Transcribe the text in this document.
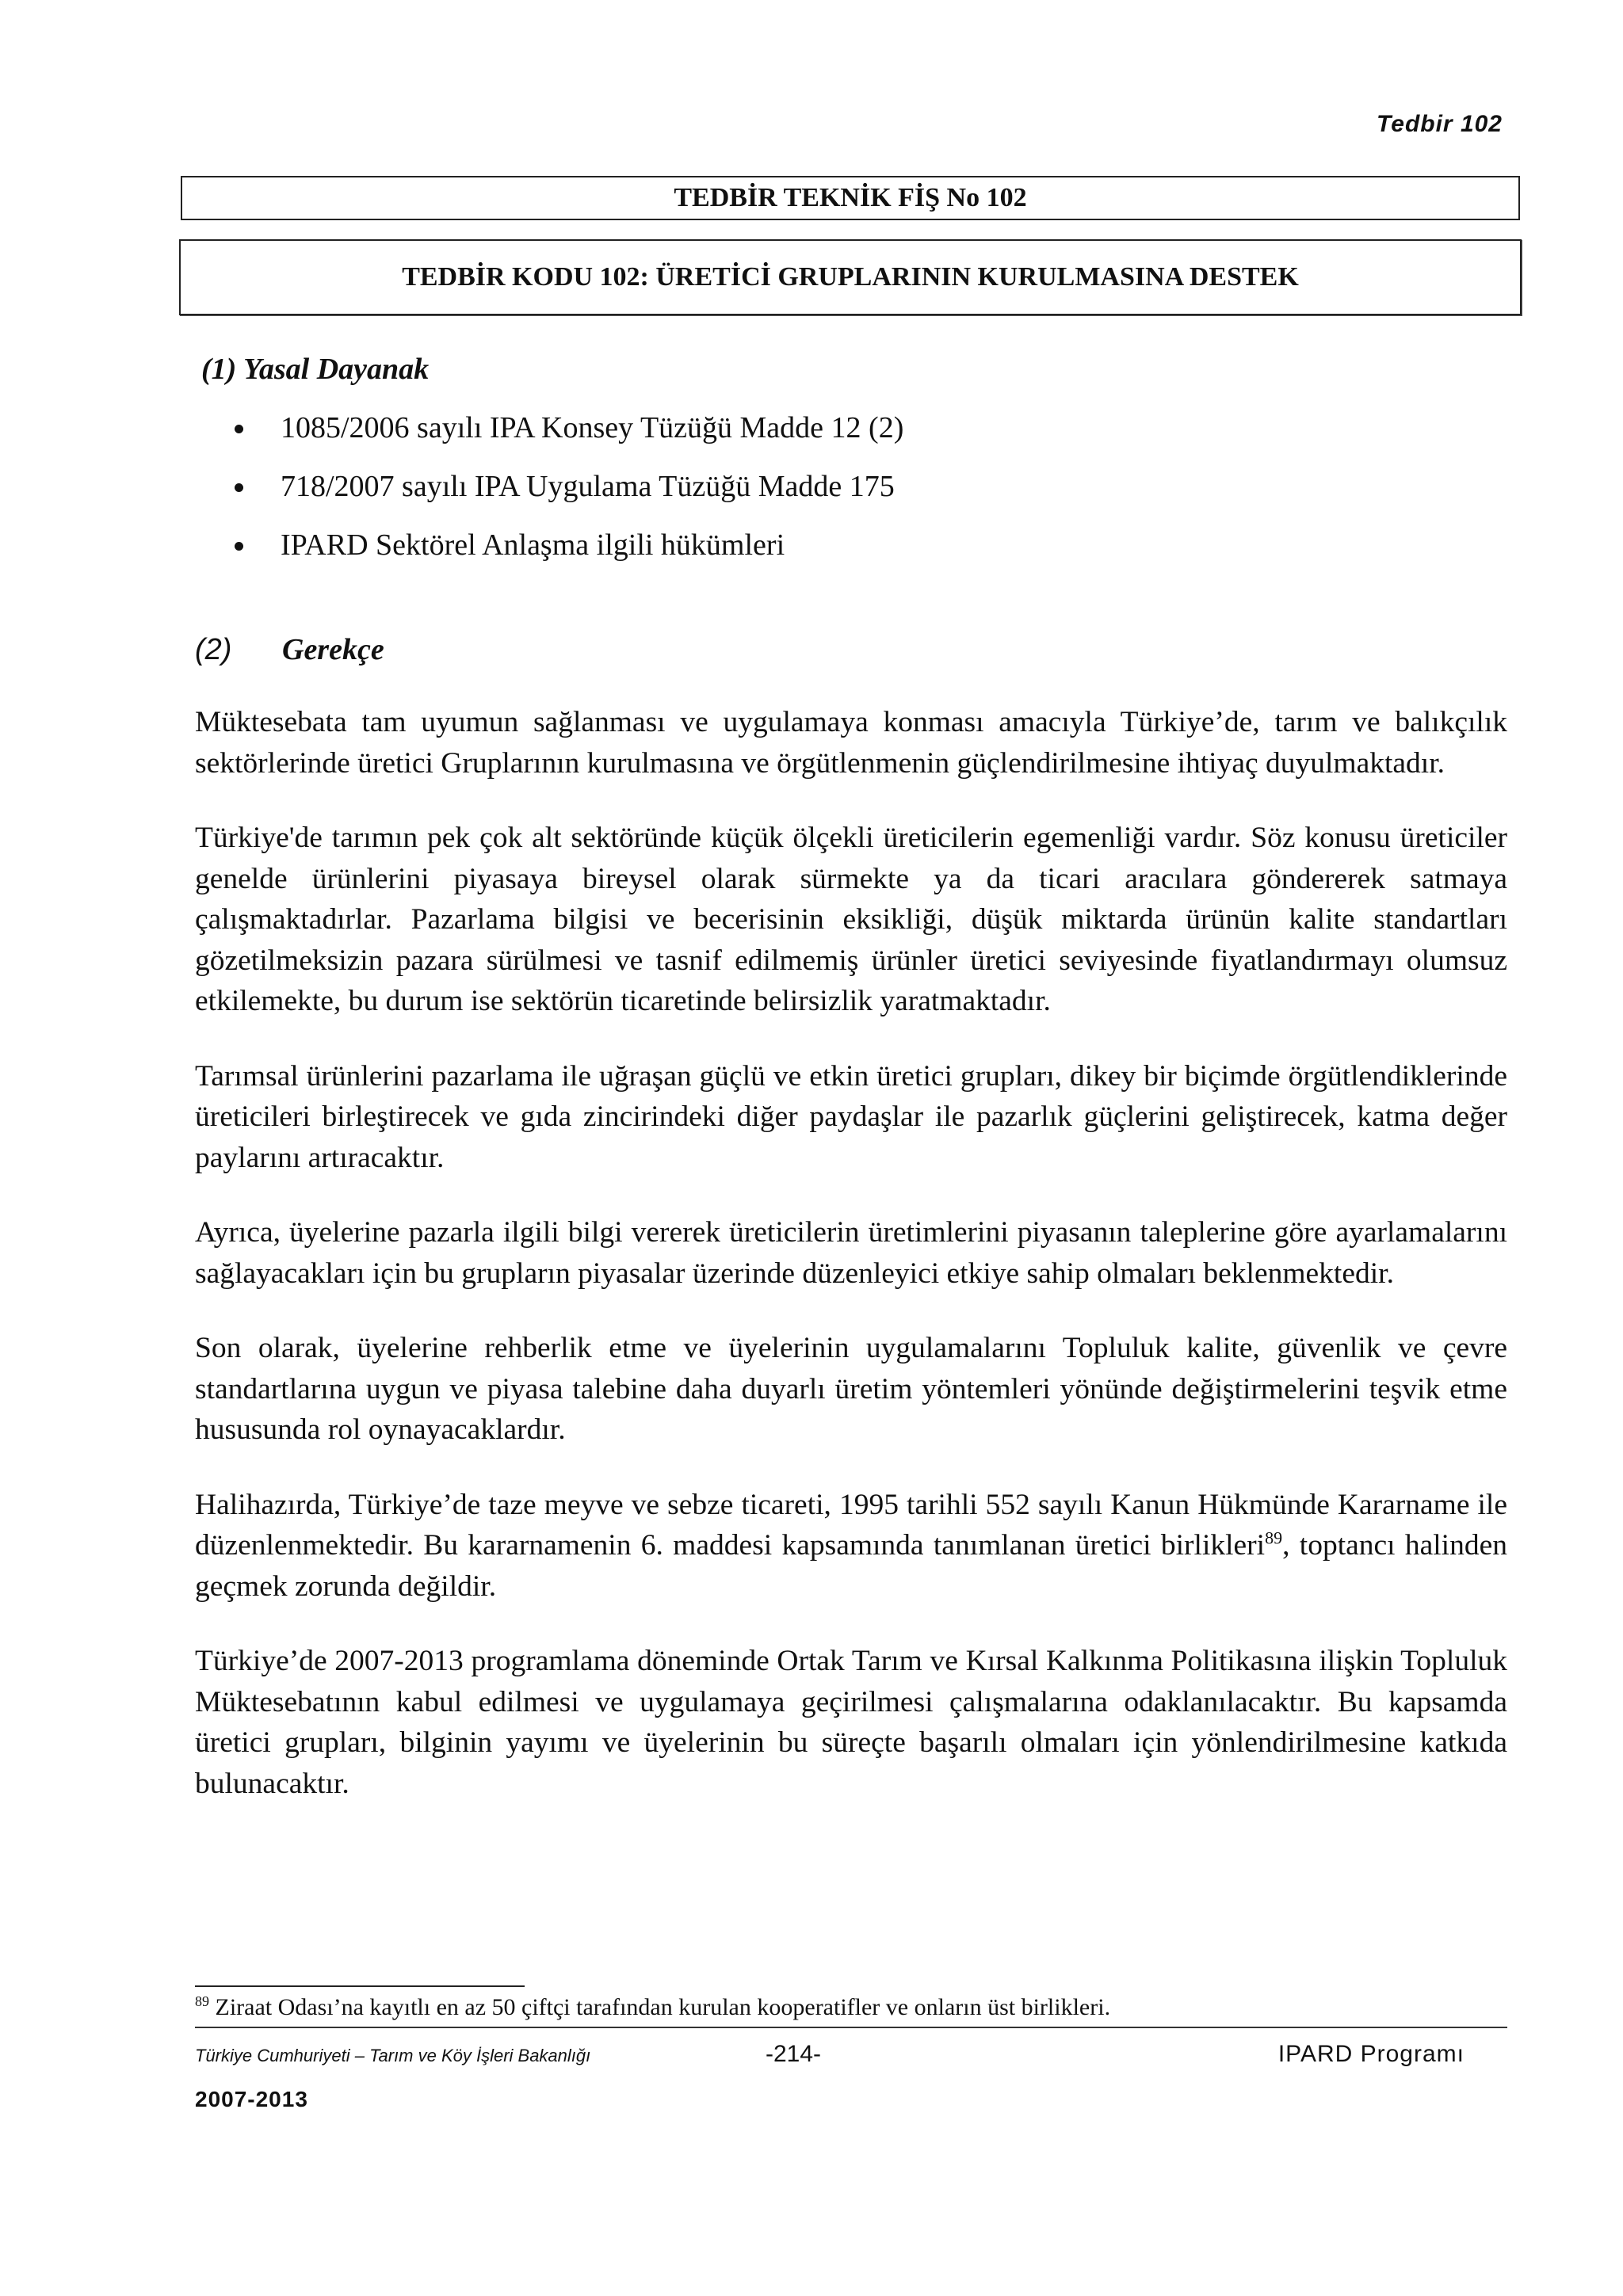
Tedbir 102
TEDBİR TEKNİK FİŞ No 102
TEDBİR KODU 102: ÜRETİCİ GRUPLARININ KURULMASINA DESTEK
(1) Yasal Dayanak
1085/2006 sayılı IPA Konsey Tüzüğü Madde 12 (2)
718/2007 sayılı IPA Uygulama Tüzüğü Madde 175
IPARD Sektörel Anlaşma ilgili hükümleri
(2) Gerekçe

Müktesebata tam uyumun sağlanması ve uygulamaya konması amacıyla Türkiye’de, tarım ve balıkçılık sektörlerinde üretici Gruplarının kurulmasına ve örgütlenmenin güçlendirilmesine ihtiyaç duyulmaktadır.

Türkiye'de tarımın pek çok alt sektöründe küçük ölçekli üreticilerin egemenliği vardır. Söz konusu üreticiler genelde ürünlerini piyasaya bireysel olarak sürmekte ya da ticari aracılara göndererek satmaya çalışmaktadırlar. Pazarlama bilgisi ve becerisinin eksikliği, düşük miktarda ürünün kalite standartları gözetilmeksizin pazara sürülmesi ve tasnif edilmemiş ürünler üretici seviyesinde fiyatlandırmayı olumsuz etkilemekte, bu durum ise sektörün ticaretinde belirsizlik yaratmaktadır.

Tarımsal ürünlerini pazarlama ile uğraşan güçlü ve etkin üretici grupları, dikey bir biçimde örgütlendiklerinde üreticileri birleştirecek ve gıda zincirindeki diğer paydaşlar ile pazarlık güçlerini geliştirecek, katma değer paylarını artıracaktır.

Ayrıca, üyelerine pazarla ilgili bilgi vererek üreticilerin üretimlerini piyasanın taleplerine göre ayarlamalarını sağlayacakları için bu grupların piyasalar üzerinde düzenleyici etkiye sahip olmaları beklenmektedir.

Son olarak, üyelerine rehberlik etme ve üyelerinin uygulamalarını Topluluk kalite, güvenlik ve çevre standartlarına uygun ve piyasa talebine daha duyarlı üretim yöntemleri yönünde değiştirmelerini teşvik etme hususunda rol oynayacaklardır.

Halihazırda, Türkiye’de taze meyve ve sebze ticareti, 1995 tarihli 552 sayılı Kanun Hükmünde Kararname ile düzenlenmektedir. Bu kararnamenin 6. maddesi kapsamında tanımlanan üretici birlikleri$^{89}$, toptancı halinden geçmek zorunda değildir.

Türkiye’de 2007-2013 programlama döneminde Ortak Tarım ve Kırsal Kalkınma Politikasına ilişkin Topluluk Müktesebatının kabul edilmesi ve uygulamaya geçirilmesi çalışmalarına odaklanılacaktır. Bu kapsamda üretici grupları, bilginin yayımı ve üyelerinin bu süreçte başarılı olmaları için yönlendirilmesine katkıda bulunacaktır.

$^{89}$ Ziraat Odası’na kayıtlı en az 50 çiftçi tarafından kurulan kooperatifler ve onların üst birlikleri.
Türkiye Cumhuriyeti – Tarım ve Köy İşleri Bakanlığı	-214-	IPARD Programı
2007-2013
